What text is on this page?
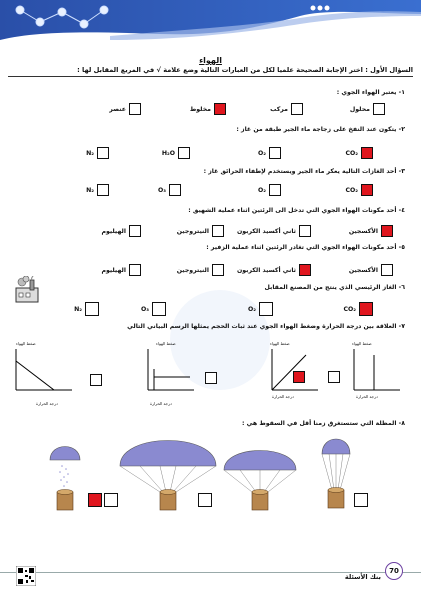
الهواء
السؤال الأول : اختر الإجابة الصحيحة علميا لكل من العبارات التالية وضع علامة √ في المربع المقابل لها :
١- يعتبر الهواء الجوي :
محلول
مركب
مخلوط
عنصر
٢- يتكون عند النفخ على زجاجة ماء الجير طبقة من غاز :
CO₂
O₂
H₂O
N₂
٣- أحد الغازات التالية يعكر ماء الجير ويستخدم لإطفاء الحرائق غاز :
CO₂
O₂
O₃
N₂
٤- أحد مكونات الهواء الجوي التي تدخل الى الرئتين اثناء عملية الشهيق :
الأكسجين
ثاني أكسيد الكربون
النيتروجين
الهيليوم
٥- أحد مكونات الهواء الجوي التي تغادر الرئتين اثناء عملية الزفير :
الأكسجين
ثاني أكسيد الكربون
النيتروجين
الهيليوم
٦- الغاز الرئيسي الذي ينتج من المصنع المقابل
CO₂
O₂
O₃
N₂
٧- العلاقة بين درجة الحرارة وضغط الهواء الجوي عند ثبات الحجم يمثلها الرسم البياني التالي
ضغط الهواء
درجة الحرارة
ضغط الهواء
درجة الحرارة
ضغط الهواء
درجة الحرارة
ضغط الهواء
درجة الحرارة
٨- المظلة التي ستستغرق زمنا أقل في السقوط هي :
70
بنك الأسئلة
